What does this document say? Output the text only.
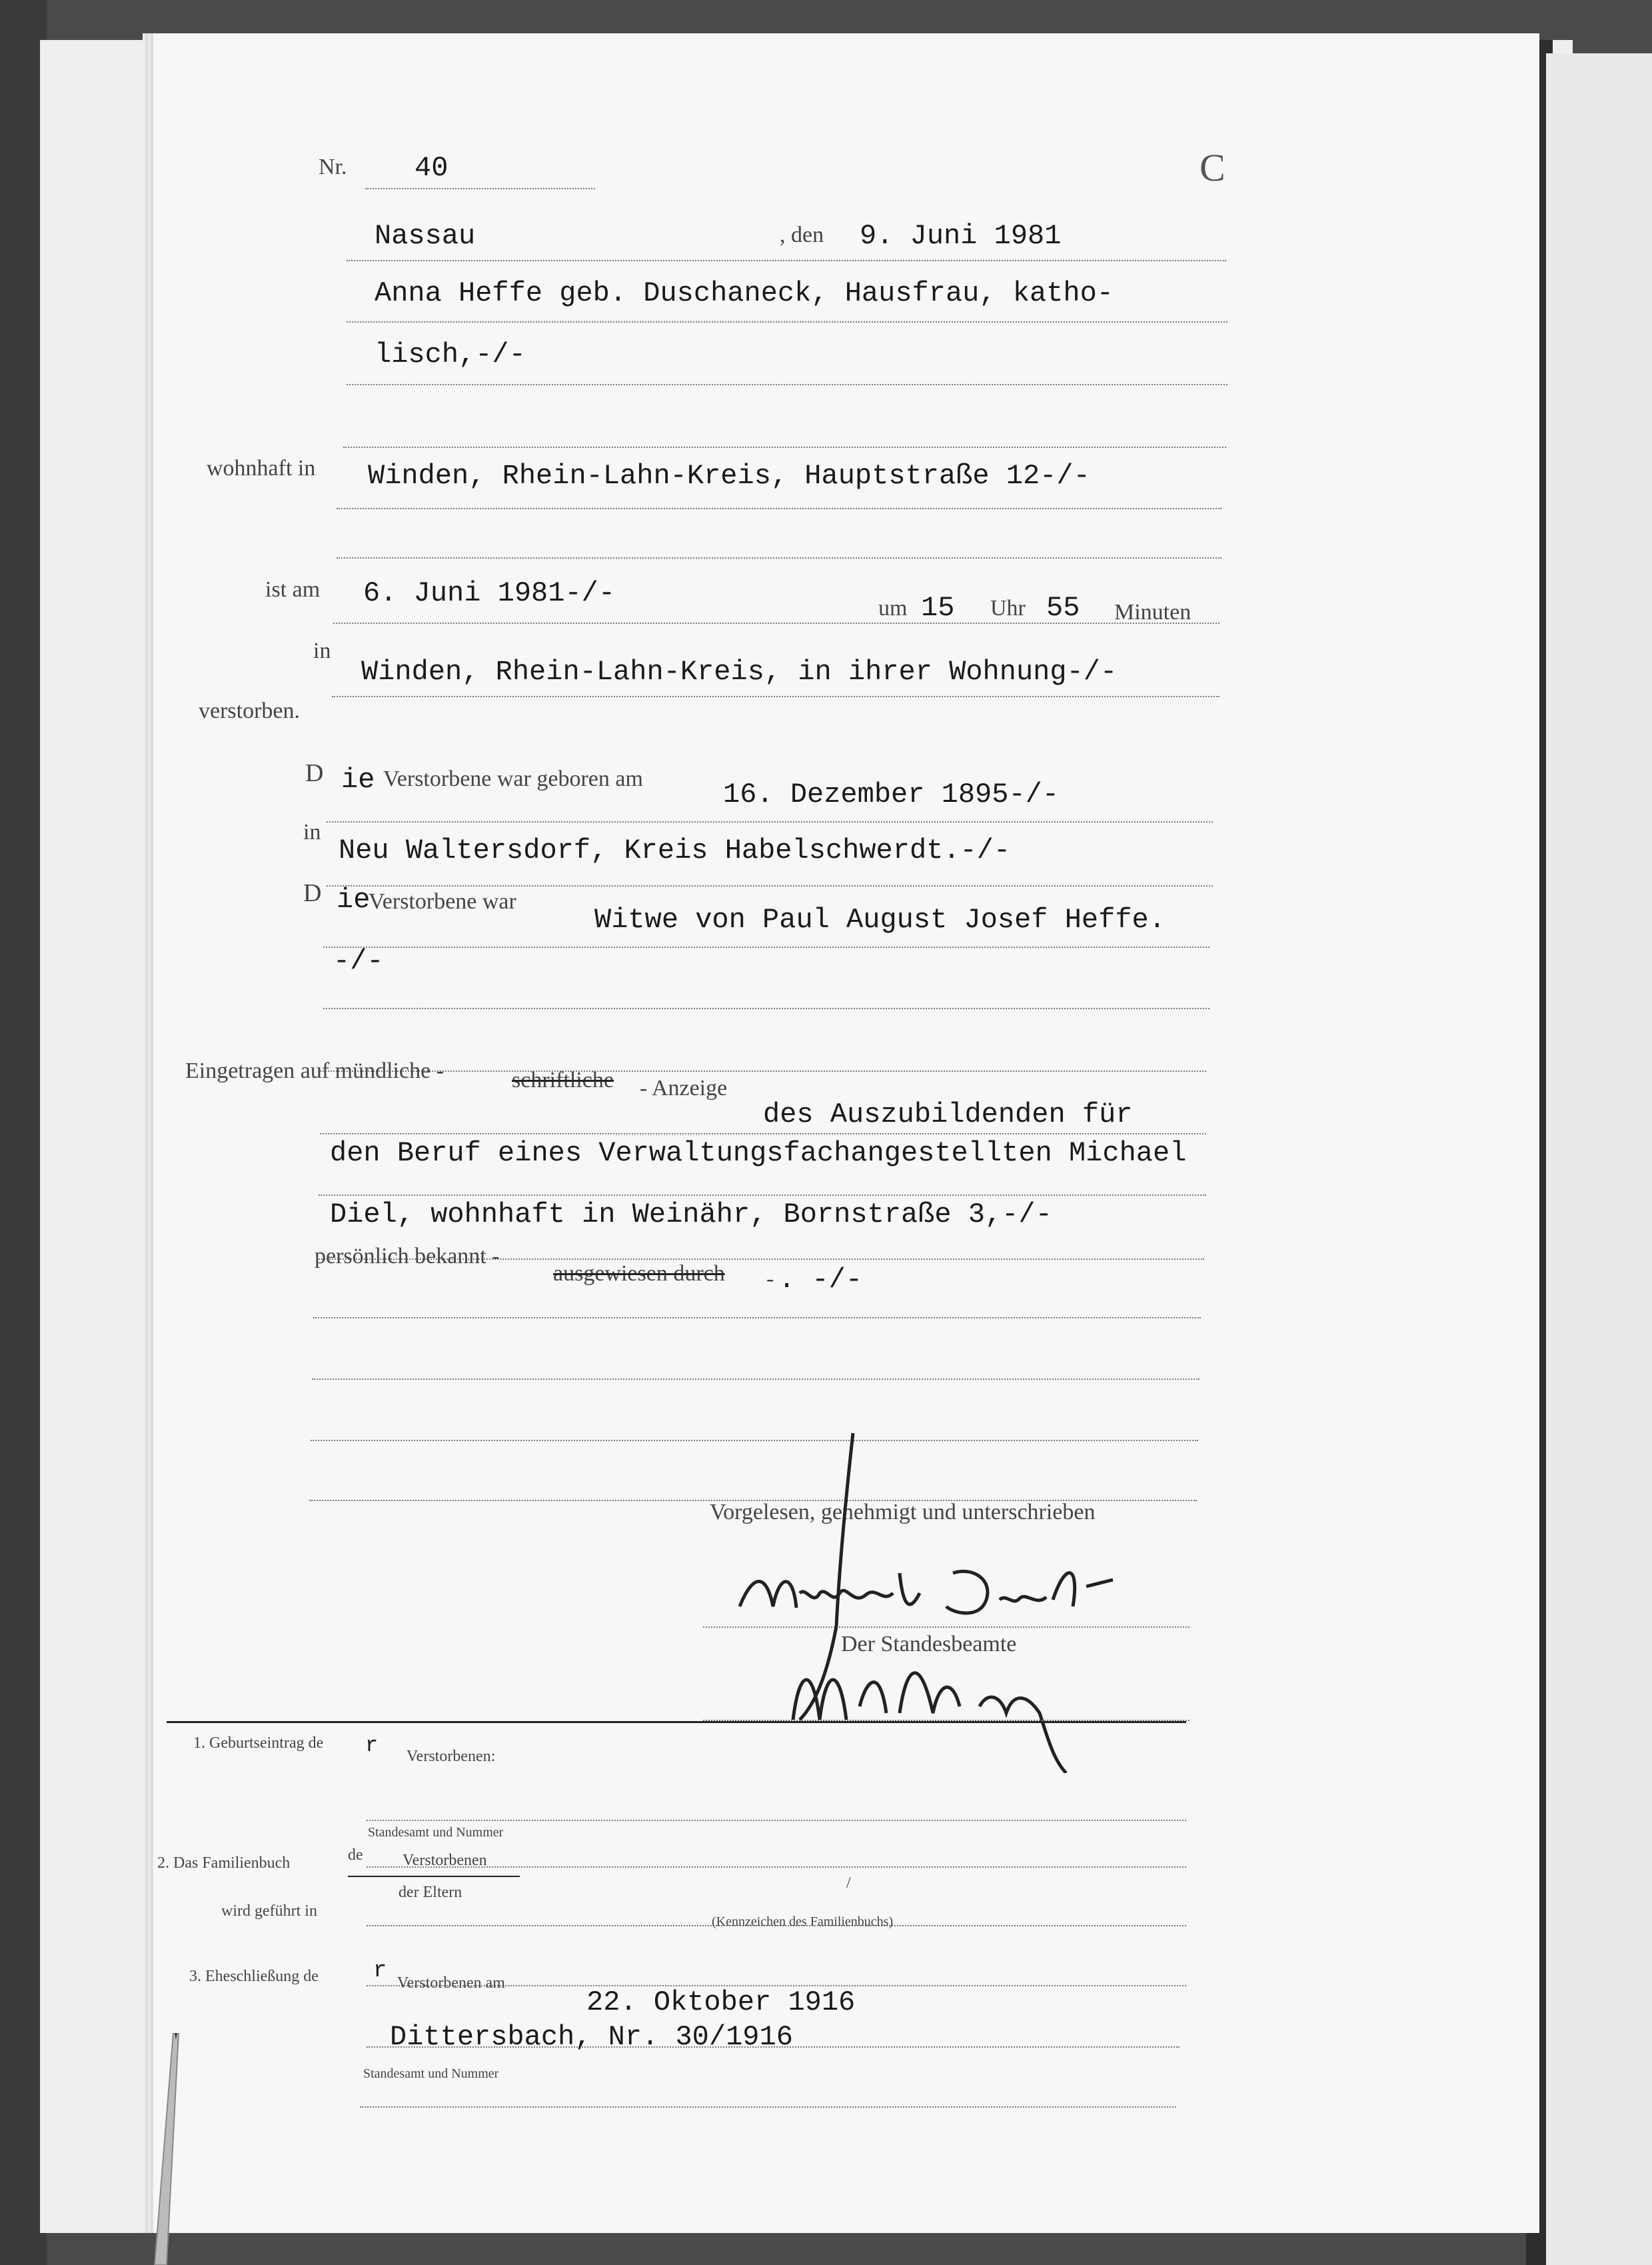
Nr. 40	C
Nassau	, den 9. Juni 1981
Anna Heffe geb. Duschaneck, Hausfrau, katho-
lisch,-/-
wohnhaft in Winden, Rhein-Lahn-Kreis, Hauptstraße 12-/-
ist am 6. Juni 1981-/-	um 15 Uhr 55 Minuten
in
Winden, Rhein-Lahn-Kreis, in ihrer Wohnung-/-
verstorben.
D ie Verstorbene war geboren am	16. Dezember 1895-/-
in
Neu Waltersdorf, Kreis Habelschwerdt.-/-
D ie
Verstorbene war
Witwe von Paul August Josef Heffe.
-/-
Eingetragen auf mündliche -	schriftliche - Anzeige
des Auszubildenden für
den Beruf eines Verwaltungsfachangestellten Michael
Diel, wohnhaft in Weinähr, Bornstraße 3,-/-
persönlich bekannt -
ausgewiesen durch - . -/-
Vorgelesen, genehmigt und unterschrieben
Der Standesbeamte
1. Geburtseintrag de r Verstorbenen:
Standesamt und Nummer
2. Das Familienbuch	de Verstorbenen
der Eltern
/
wird geführt in
(Kennzeichen des Familienbuchs)
3. Eheschließung de r Verstorbenen am
22. Oktober 1916
Dittersbach, Nr. 30/1916
Standesamt und Nummer
